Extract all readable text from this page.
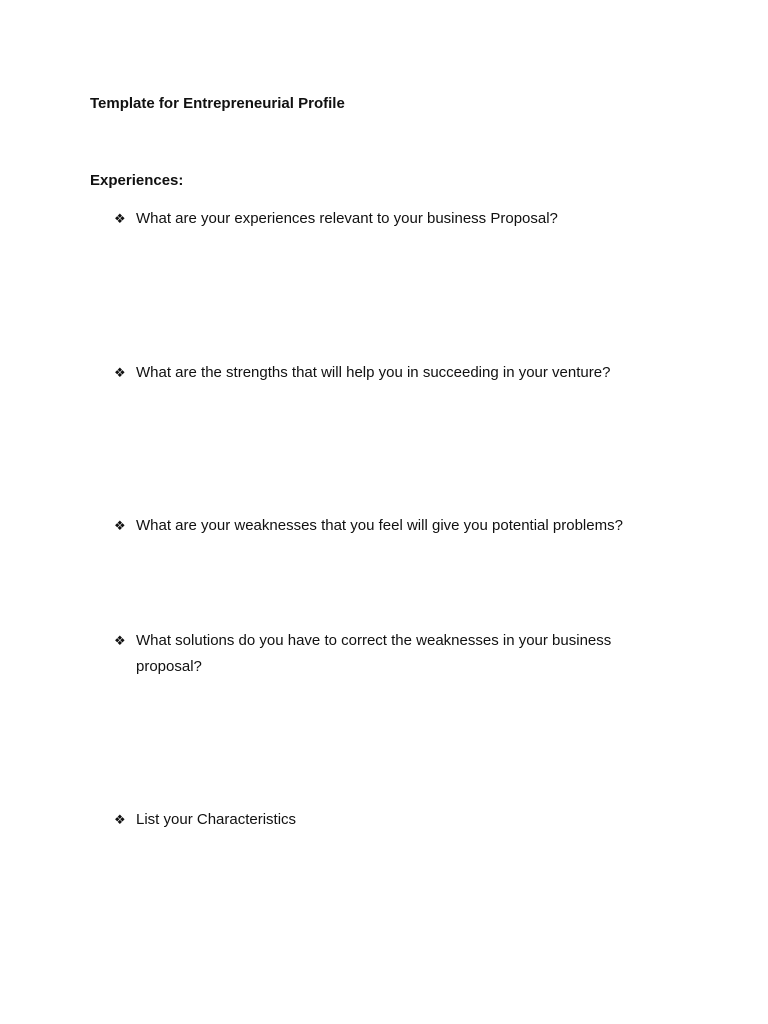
Template for Entrepreneurial Profile
Experiences:
❖ What are your experiences relevant to your business Proposal?
❖ What are the strengths that will help you in succeeding in your venture?
❖ What are your weaknesses that you feel will give you potential problems?
❖ What solutions do you have to correct the weaknesses in your business proposal?
❖ List your Characteristics
